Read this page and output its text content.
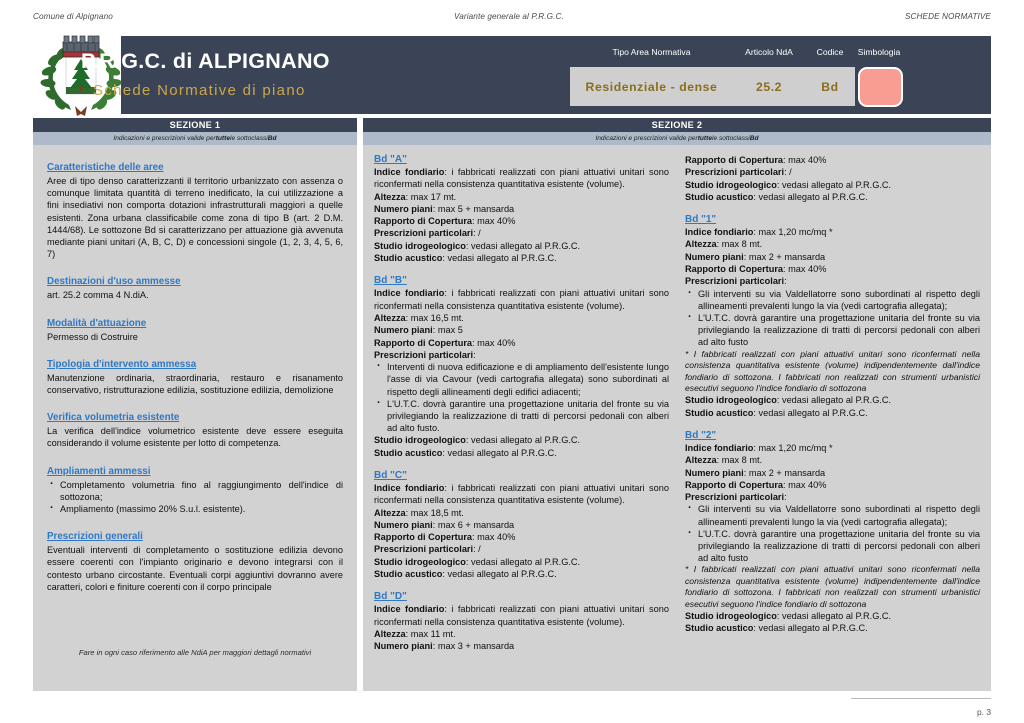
Comune di Alpignano	Variante generale al P.R.G.C.	SCHEDE NORMATIVE
P.R.G.C. di ALPIGNANO
Schede Normative di piano
Tipo Area Normativa	Articolo NdA	Codice	Simbologia
Residenziale - dense	25.2	Bd
SEZIONE 1
Indicazioni e prescrizioni valide per tutte le sottoclassi Bd
Caratteristiche delle aree

Aree di tipo denso caratterizzanti il territorio urbanizzato con assenza o comunque limitata quantità di terreno inedificato, la cui utilizzazione a fini insediativi non comporta dotazioni infrastrutturali maggiori a quelle esistenti. Zona urbana classificabile come zona di tipo B (art. 2 D.M. 1444/68). Le sottozone Bd si caratterizzano per attuazione già avvenuta mediante piani unitari (A, B, C, D) e concessioni singole (1, 2, 3, 4, 5, 6, 7)

Destinazioni d'uso ammesse

art. 25.2 comma 4 N.diA.

Modalità d'attuazione

Permesso di Costruire

Tipologia d'intervento ammessa

Manutenzione ordinaria, straordinaria, restauro e risanamento conservativo, ristrutturazione edilizia, sostituzione edilizia, demolizione

Verifica volumetria esistente

La verifica dell'indice volumetrico esistente deve essere eseguita considerando il volume esistente per lotto di competenza.

Ampliamenti ammessi
· Completamento volumetria fino al raggiungimento dell'indice di sottozona;
· Ampliamento (massimo 20% S.u.l. esistente).
Prescrizioni generali

Eventuali interventi di completamento o sostituzione edilizia devono essere coerenti con l'impianto originario e devono integrarsi con il contesto urbano circostante. Eventuali corpi aggiuntivi dovranno avere caratteri, colori e finiture coerenti con il corpo principale

Fare in ogni caso riferimento alle NdiA per maggiori dettagli normativi
SEZIONE 2
Indicazioni e prescrizioni valide per tutte le sottoclassi Bd
Bd "A"
Indice fondiario: i fabbricati realizzati con piani attuativi unitari sono riconfermati nella consistenza quantitativa esistente (volume).
Altezza: max 17 mt.
Numero piani: max 5 + mansarda
Rapporto di Copertura: max 40%
Prescrizioni particolari: /
Studio idrogeologico: vedasi allegato al P.R.G.C.
Studio acustico: vedasi allegato al P.R.G.C.
Bd "B"
Indice fondiario: i fabbricati realizzati con piani attuativi unitari sono riconfermati nella consistenza quantitativa esistente (volume).
Altezza: max 16,5 mt.
Numero piani: max 5
Rapporto di Copertura: max 40%
Prescrizioni particolari:
· Interventi di nuova edificazione e di ampliamento dell'esistente lungo l'asse di via Cavour (vedi cartografia allegata) sono subordinati al rispetto degli allineamenti degli edifici adiacenti;
· L'U.T.C. dovrà garantire una progettazione unitaria del fronte su via privilegiando la realizzazione di tratti di percorsi pedonali con alberi ad alto fusto.
Studio idrogeologico: vedasi allegato al P.R.G.C.
Studio acustico: vedasi allegato al P.R.G.C.
Bd "C"
Indice fondiario: i fabbricati realizzati con piani attuativi unitari sono riconfermati nella consistenza quantitativa esistente (volume).
Altezza: max 18,5 mt.
Numero piani: max 6 + mansarda
Rapporto di Copertura: max 40%
Prescrizioni particolari: /
Studio idrogeologico: vedasi allegato al P.R.G.C.
Studio acustico: vedasi allegato al P.R.G.C.
Bd "D"
Indice fondiario: i fabbricati realizzati con piani attuativi unitari sono riconfermati nella consistenza quantitativa esistente (volume).
Altezza: max 11 mt.
Numero piani: max 3 + mansarda
Rapporto di Copertura: max 40%
Prescrizioni particolari: /
Studio idrogeologico: vedasi allegato al P.R.G.C.
Studio acustico: vedasi allegato al P.R.G.C.
Bd "1"
Indice fondiario: max 1,20 mc/mq *
Altezza: max 8 mt.
Numero piani: max 2 + mansarda
Rapporto di Copertura: max 40%
Prescrizioni particolari:
· Gli interventi su via Valdellatorre sono subordinati al rispetto degli allineamenti prevalenti lungo la via (vedi cartografia allegata);
· L'U.T.C. dovrà garantire una progettazione unitaria del fronte su via privilegiando la realizzazione di tratti di percorsi pedonali con alberi ad alto fusto
* I fabbricati realizzati con piani attuativi unitari sono riconfermati nella consistenza quantitativa esistente (volume) indipendentemente dall'indice fondiario di sottozona. I fabbricati non realizzati con strumenti urbanistici esecutivi seguono l'indice fondiario di sottozona
Studio idrogeologico: vedasi allegato al P.R.G.C.
Studio acustico: vedasi allegato al P.R.G.C.
Bd "2"
Indice fondiario: max 1,20 mc/mq *
Altezza: max 8 mt.
Numero piani: max 2 + mansarda
Rapporto di Copertura: max 40%
Prescrizioni particolari:
· Gli interventi su via Valdellatorre sono subordinati al rispetto degli allineamenti prevalenti lungo la via (vedi cartografia allegata);
· L'U.T.C. dovrà garantire una progettazione unitaria del fronte su via privilegiando la realizzazione di tratti di percorsi pedonali con alberi ad alto fusto
* I fabbricati realizzati con piani attuativi unitari sono riconfermati nella consistenza quantitativa esistente (volume) indipendentemente dall'indice fondiario di sottozona. I fabbricati non realizzati con strumenti urbanistici esecutivi seguono l'indice fondiario di sottozona
Studio idrogeologico: vedasi allegato al P.R.G.C.
Studio acustico: vedasi allegato al P.R.G.C.
p. 3
